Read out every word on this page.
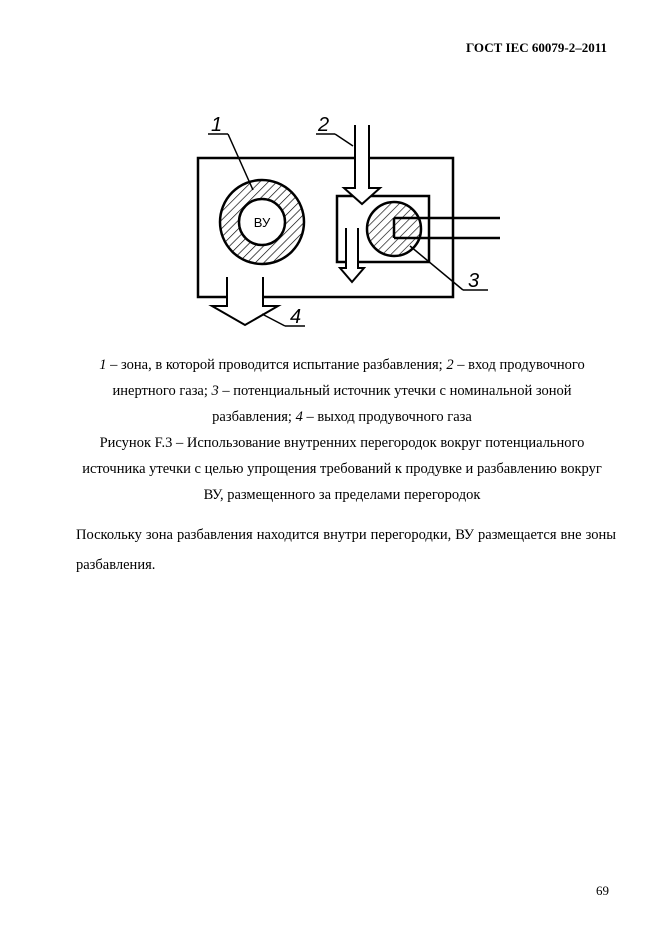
ГОСТ IEC 60079-2–2011
ВУ
1	2
3
4

1 – зона, в которой проводится испытание разбавления; 2 – вход продувочного инертного газа; 3 – потенциальный источник утечки с номинальной зоной разбавления; 4 – выход продувочного газа

Рисунок F.3 – Использование внутренних перегородок вокруг потенциального источника утечки с целью упрощения требований к продувке и разбавлению вокруг ВУ, размещенного за пределами перегородок

Поскольку зона разбавления находится внутри перегородки, ВУ размещается вне зоны разбавления.
69
